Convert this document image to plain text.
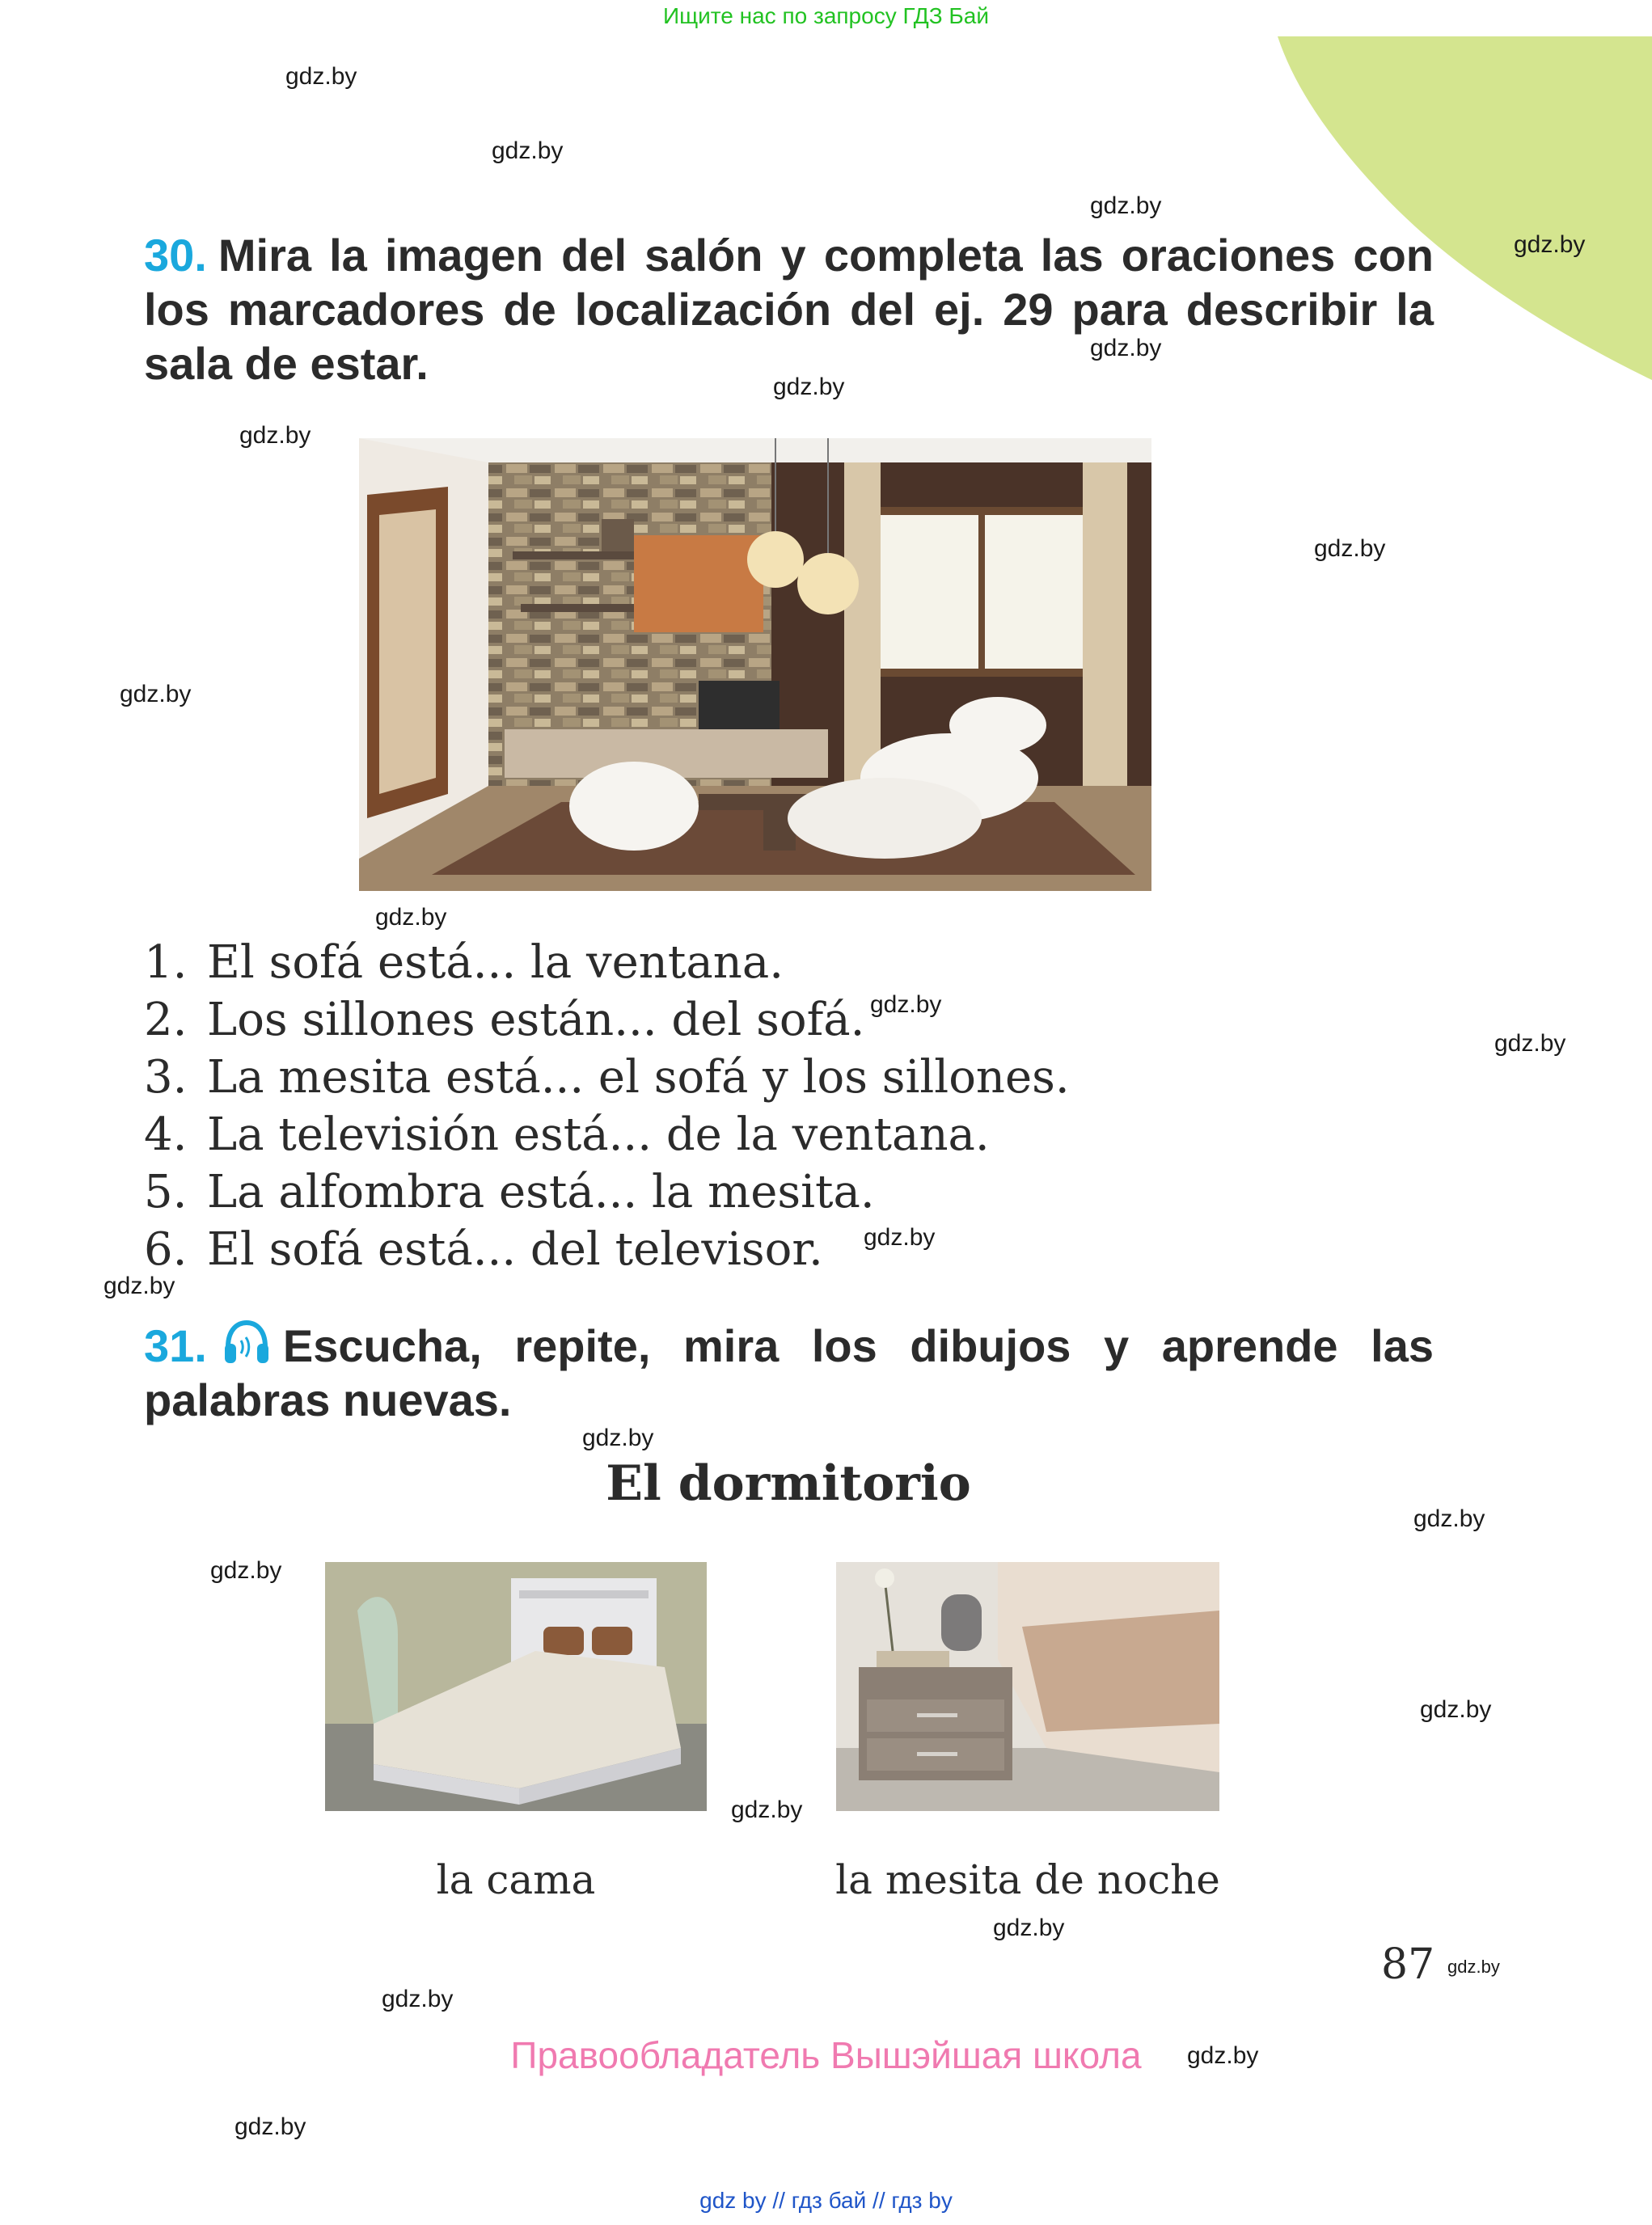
Ищите нас по запросу ГДЗ Бай
gdz.by
gdz.by
gdz.by
gdz.by
gdz.by
gdz.by
gdz.by
gdz.by
gdz.by
gdz.by
gdz.by
gdz.by
gdz.by
gdz.by
gdz.by
gdz.by
gdz.by
gdz.by
gdz.by
gdz.by
gdz.by
gdz.by
gdz.by
gdz.by
30. Mira la imagen del salón y completa las oraciones con los marcadores de localización del ej. 29 para describir la sala de estar.
1. El sofá está... la ventana.
2. Los sillones están... del sofá.
3. La mesita está... el sofá y los sillones.
4. La televisión está... de la ventana.
5. La alfombra está... la mesita.
6. El sofá está... del televisor.
31. Escucha, repite, mira los dibujos y aprende las palabras nuevas.
El dormitorio
la cama	la mesita de noche
87
Правообладатель Вышэйшая школа
gdz by // гдз бай // гдз by
